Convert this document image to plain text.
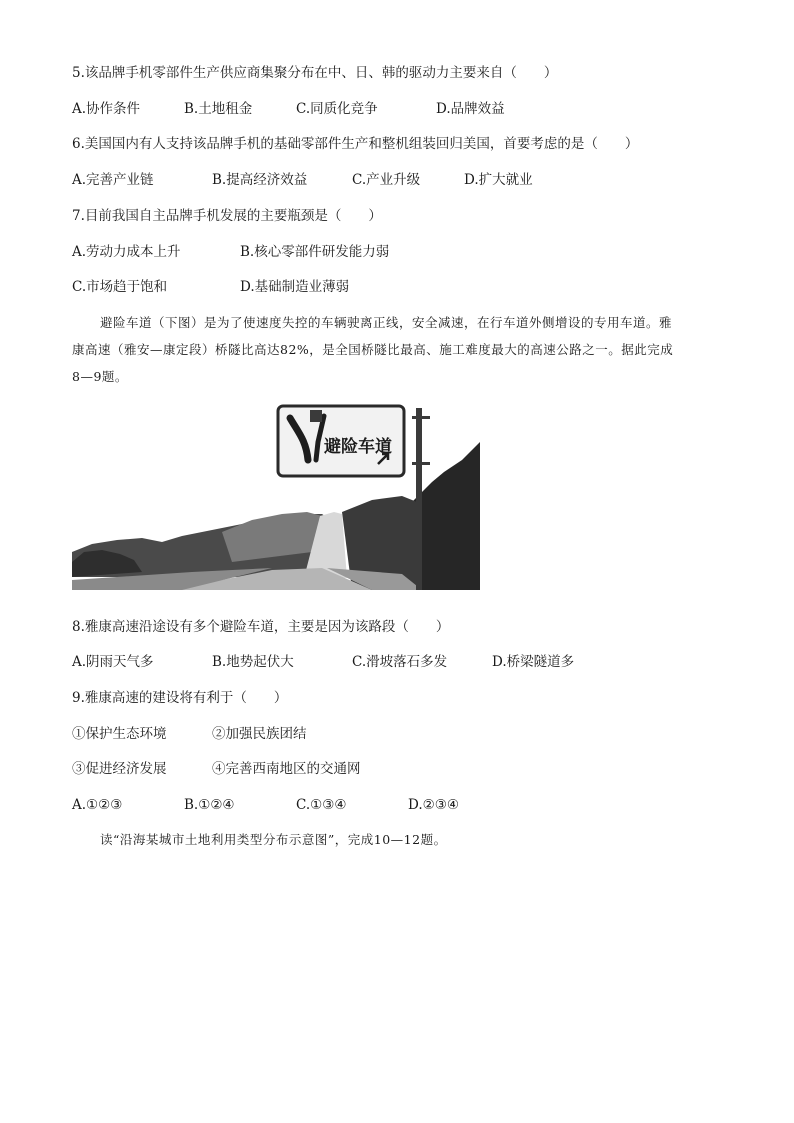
5.该品牌手机零部件生产供应商集聚分布在中、日、韩的驱动力主要来自（　　）
A.协作条件	B.土地租金	C.同质化竞争	D.品牌效益
6.美国国内有人支持该品牌手机的基础零部件生产和整机组装回归美国，首要考虑的是（　　）
A.完善产业链	B.提高经济效益	C.产业升级	D.扩大就业
7.目前我国自主品牌手机发展的主要瓶颈是（　　）
A.劳动力成本上升	B.核心零部件研发能力弱
C.市场趋于饱和	D.基础制造业薄弱
避险车道（下图）是为了使速度失控的车辆驶离正线，安全减速，在行车道外侧增设的专用车道。雅
康高速（雅安—康定段）桥隧比高达82%，是全国桥隧比最高、施工难度最大的高速公路之一。据此完成
8—9题。
避险车道
8.雅康高速沿途设有多个避险车道，主要是因为该路段（　　）
A.阴雨天气多	B.地势起伏大	C.滑坡落石多发	D.桥梁隧道多
9.雅康高速的建设将有利于（　　）
①保护生态环境	②加强民族团结
③促进经济发展	④完善西南地区的交通网
A.①②③	B.①②④	C.①③④	D.②③④
读“沿海某城市土地利用类型分布示意图”，完成10—12题。
